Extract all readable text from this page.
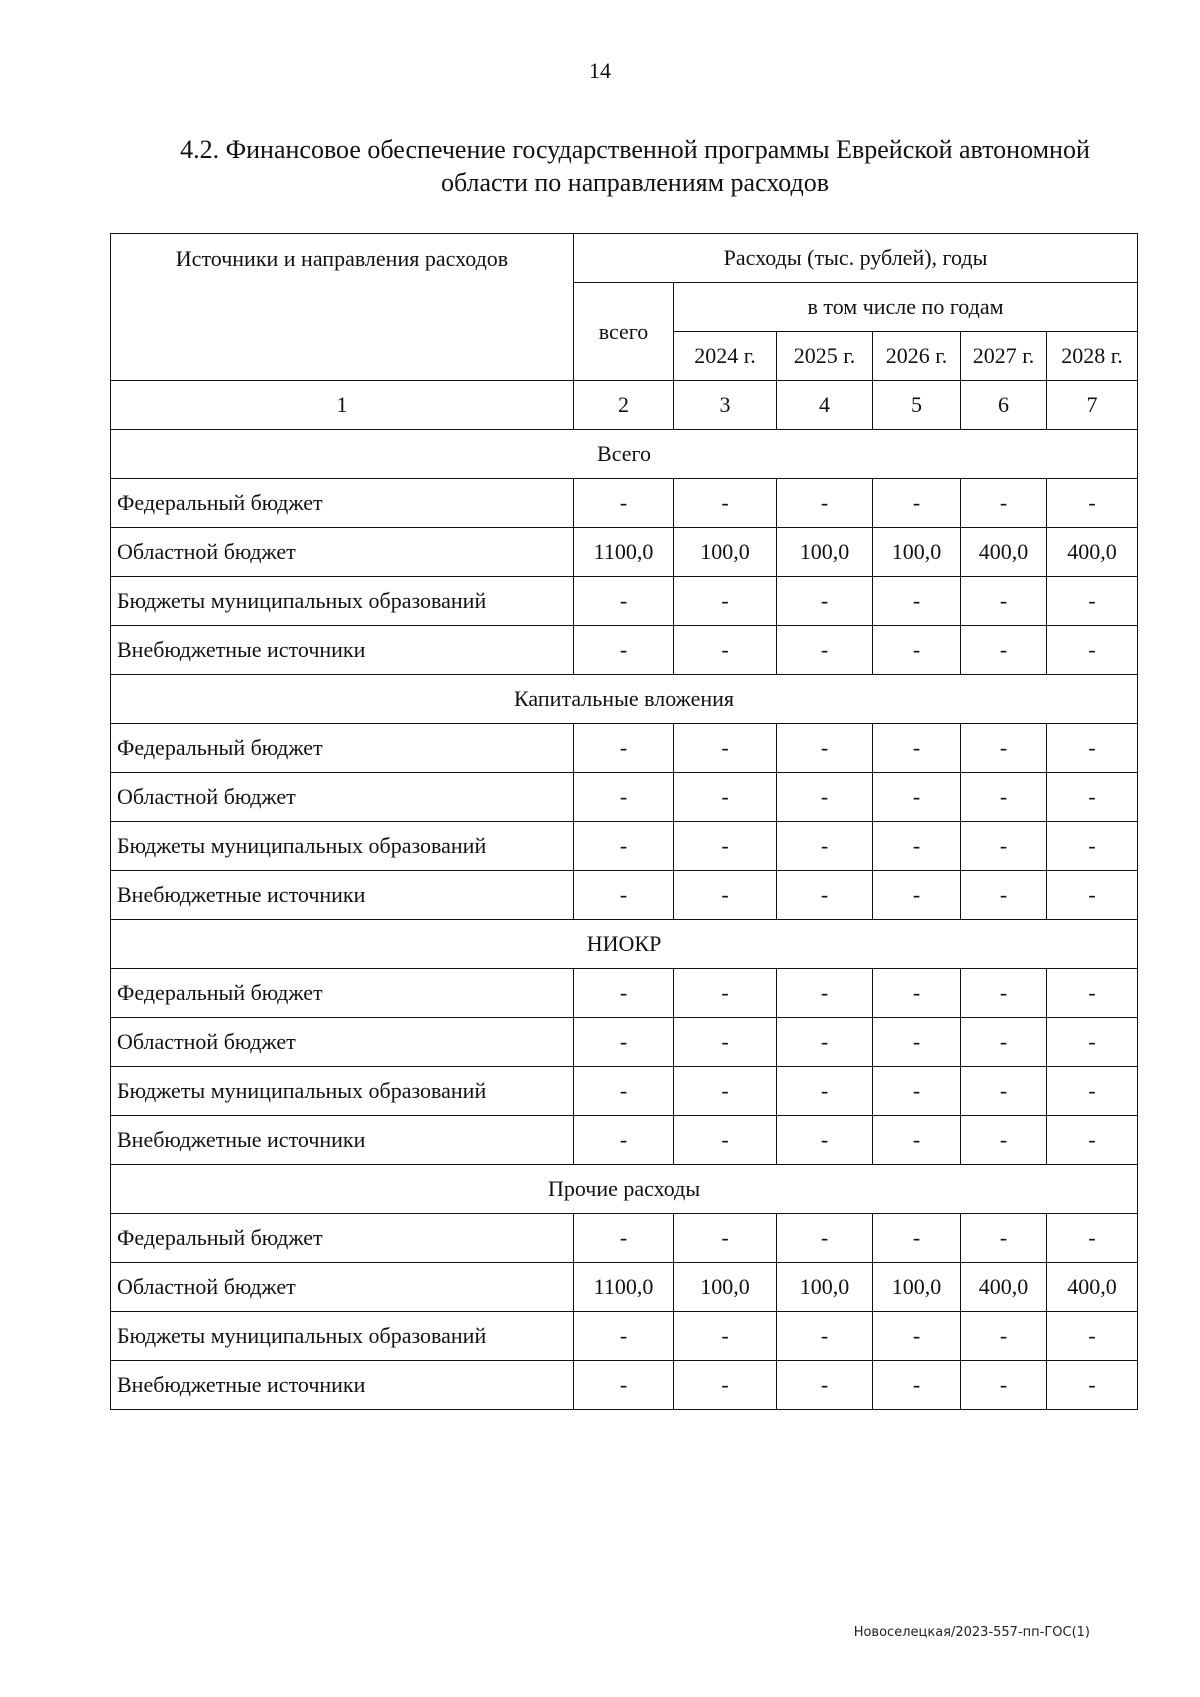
14
4.2. Финансовое обеспечение государственной программы Еврейской автономной
области по направлениям расходов
Источники и направления расходов	Расходы (тыс. рублей), годы					
	всего	в том числе по годам				
		2024 г.	2025 г.	2026 г.	2027 г.	2028 г.
1	2	3	4	5	6	7
Всего						
Федеральный бюджет	-	-	-	-	-	-
Областной бюджет	1100,0	100,0	100,0	100,0	400,0	400,0
Бюджеты муниципальных образований	-	-	-	-	-	-
Внебюджетные источники	-	-	-	-	-	-
Капитальные вложения						
Федеральный бюджет	-	-	-	-	-	-
Областной бюджет	-	-	-	-	-	-
Бюджеты муниципальных образований	-	-	-	-	-	-
Внебюджетные источники	-	-	-	-	-	-
НИОКР						
Федеральный бюджет	-	-	-	-	-	-
Областной бюджет	-	-	-	-	-	-
Бюджеты муниципальных образований	-	-	-	-	-	-
Внебюджетные источники	-	-	-	-	-	-
Прочие расходы						
Федеральный бюджет	-	-	-	-	-	-
Областной бюджет	1100,0	100,0	100,0	100,0	400,0	400,0
Бюджеты муниципальных образований	-	-	-	-	-	-
Внебюджетные источники	-	-	-	-	-	-
Новоселецкая/2023-557-пп-ГОС(1)
